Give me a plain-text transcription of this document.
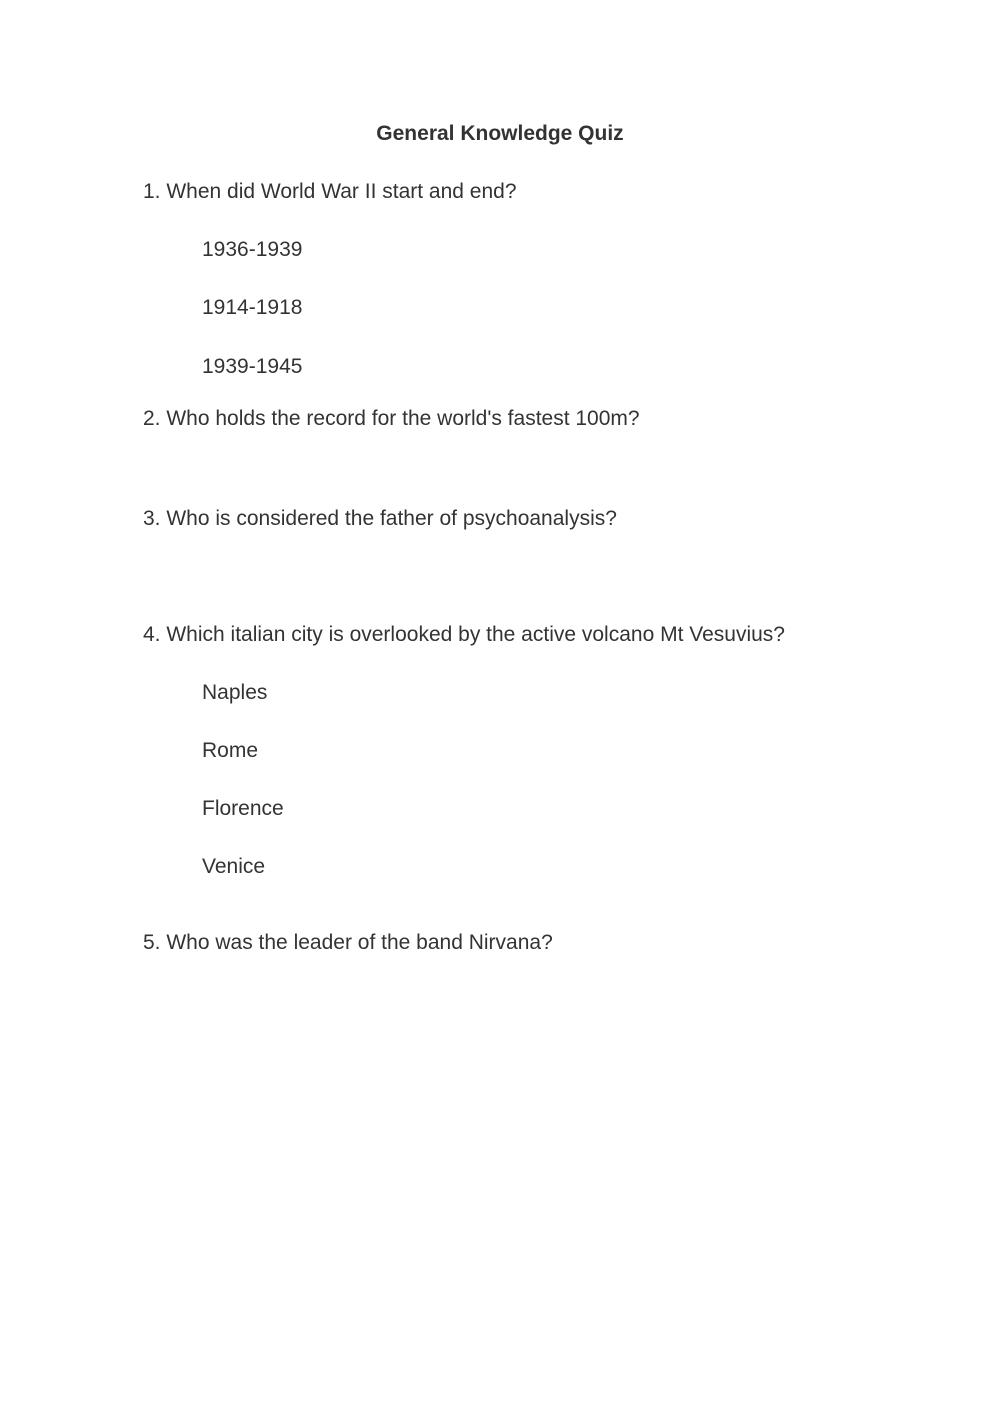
General Knowledge Quiz
1. When did World War II start and end?
1936-1939
1914-1918
1939-1945
2. Who holds the record for the world's fastest 100m?
3. Who is considered the father of psychoanalysis?
4. Which italian city is overlooked by the active volcano Mt Vesuvius?
Naples
Rome
Florence
Venice
5. Who was the leader of the band Nirvana?
